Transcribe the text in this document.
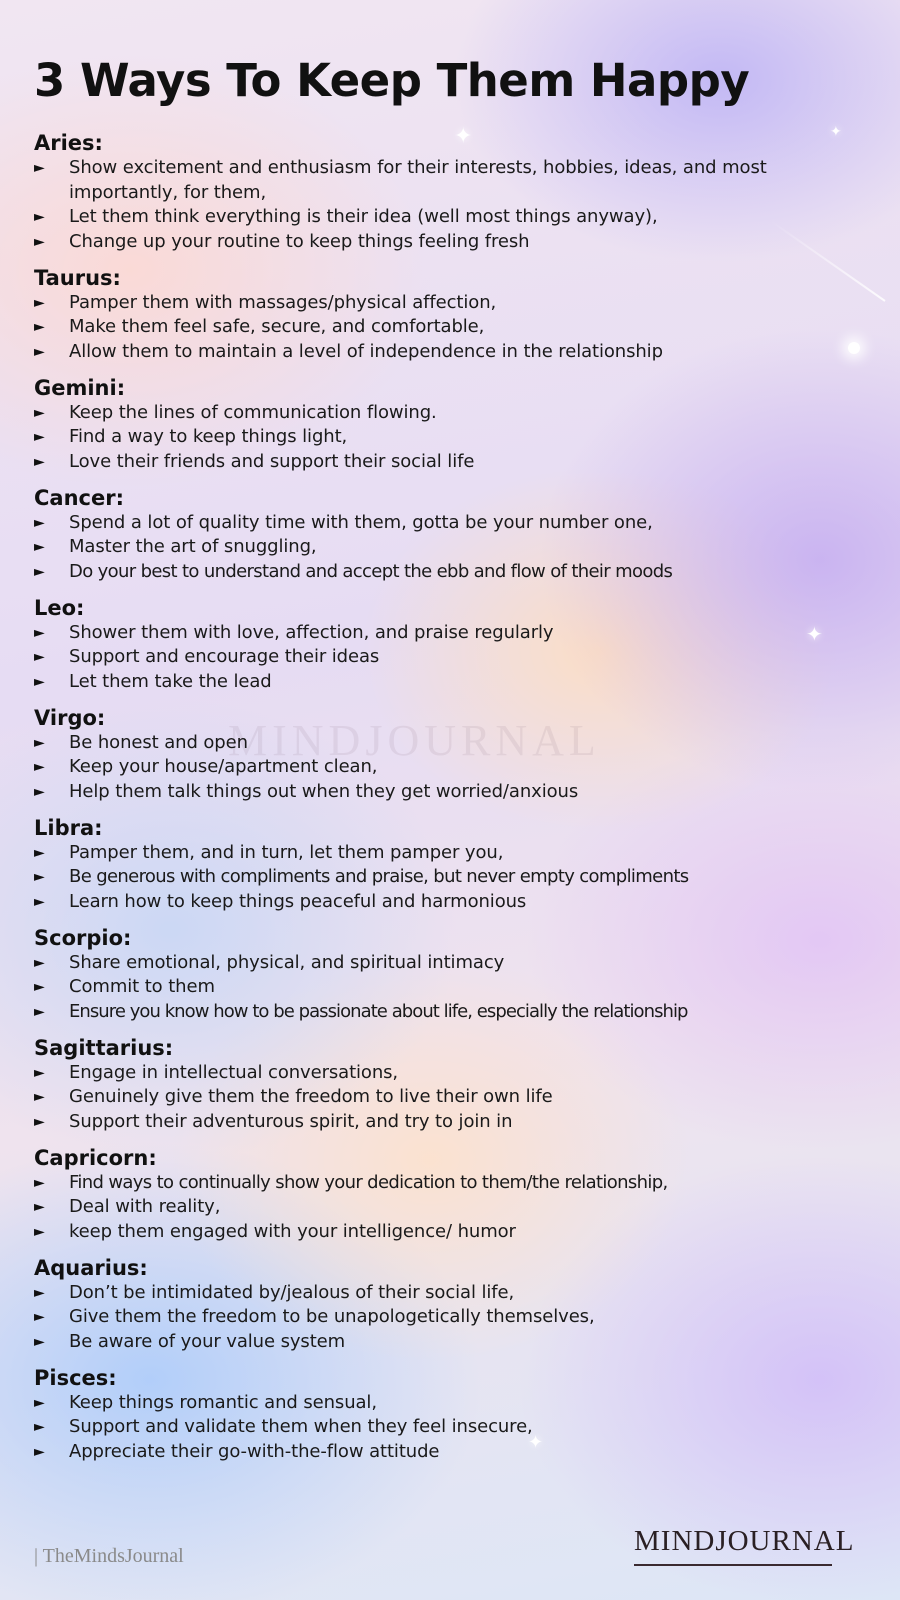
✦	✦
✦
✦
MINDJOURNAL
3 Ways To Keep Them Happy
Aries:
►	Show excitement and enthusiasm for their interests, hobbies, ideas, and most importantly, for them,
►	Let them think everything is their idea (well most things anyway),
►	Change up your routine to keep things feeling fresh
Taurus:
►	Pamper them with massages/physical affection,
►	Make them feel safe, secure, and comfortable,
►	Allow them to maintain a level of independence in the relationship
Gemini:
►	Keep the lines of communication flowing.
►	Find a way to keep things light,
►	Love their friends and support their social life
Cancer:
►	Spend a lot of quality time with them, gotta be your number one,
►	Master the art of snuggling,
►	Do your best to understand and accept the ebb and flow of their moods
Leo:
►	Shower them with love, affection, and praise regularly
►	Support and encourage their ideas
►	Let them take the lead
Virgo:
►	Be honest and open
►	Keep your house/apartment clean,
►	Help them talk things out when they get worried/anxious
Libra:
►	Pamper them, and in turn, let them pamper you,
►	Be generous with compliments and praise, but never empty compliments
►	Learn how to keep things peaceful and harmonious
Scorpio:
►	Share emotional, physical, and spiritual intimacy
►	Commit to them
►	Ensure you know how to be passionate about life, especially the relationship
Sagittarius:
►	Engage in intellectual conversations,
►	Genuinely give them the freedom to live their own life
►	Support their adventurous spirit, and try to join in
Capricorn:
►	Find ways to continually show your dedication to them/the relationship,
►	Deal with reality,
►	keep them engaged with your intelligence/ humor
Aquarius:
►	Don’t be intimidated by/jealous of their social life,
►	Give them the freedom to be unapologetically themselves,
►	Be aware of your value system
Pisces:
►	Keep things romantic and sensual,
►	Support and validate them when they feel insecure,
►	Appreciate their go-with-the-flow attitude
| TheMindsJournal	MINDJOURNAL
